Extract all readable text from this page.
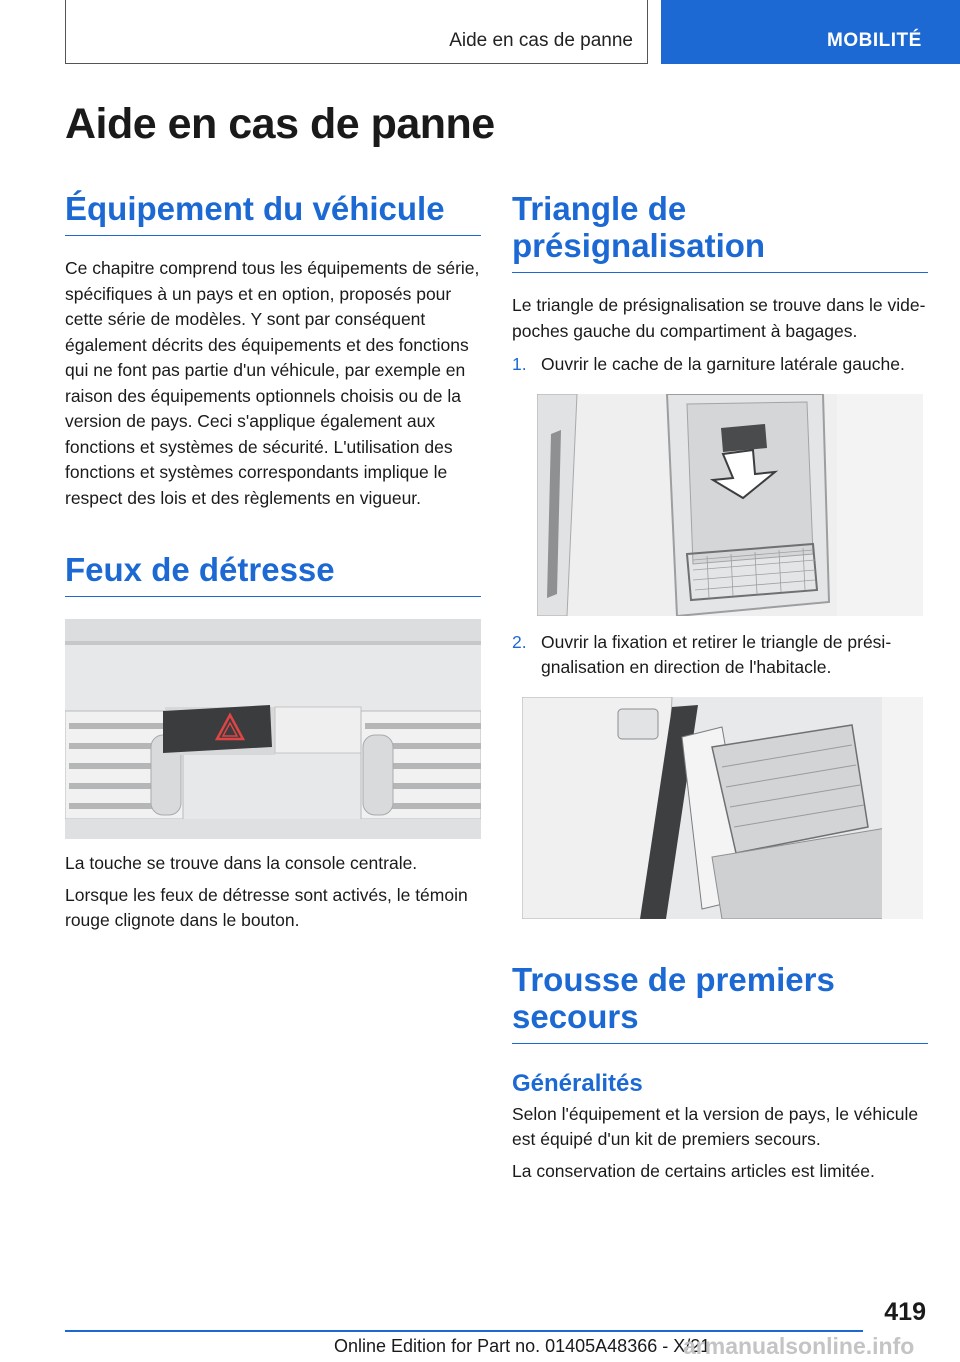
Aide en cas de panne	MOBILITÉ
Aide en cas de panne
Équipement du véhicule

Ce chapitre comprend tous les équipements de série, spécifiques à un pays et en option, proposés pour cette série de modèles. Y sont par conséquent également décrits des équipements et des fonctions qui ne font pas partie d'un véhicule, par exemple en raison des équipements optionnels choisis ou de la version de pays. Ceci s'applique également aux fonctions et systèmes de sécurité. L'utilisation des fonctions et systèmes correspondants implique le respect des lois et des règlements en vigueur.

Feux de détresse

La touche se trouve dans la console centrale.

Lorsque les feux de détresse sont activés, le témoin rouge clignote dans le bouton.

Triangle de
présignalisation

Le triangle de présignalisation se trouve dans le vide-poches gauche du compartiment à bagages.

1. Ouvrir le cache de la garniture latérale gauche.
2. Ouvrir la fixation et retirer le triangle de présignalisation en direction de l'habitacle.
Trousse de premiers
secours
Généralités

Selon l'équipement et la version de pays, le véhicule est équipé d'un kit de premiers secours.

La conservation de certains articles est limitée.

419
Online Edition for Part no. 01405A48366 - X/21
armanualsonline.info
